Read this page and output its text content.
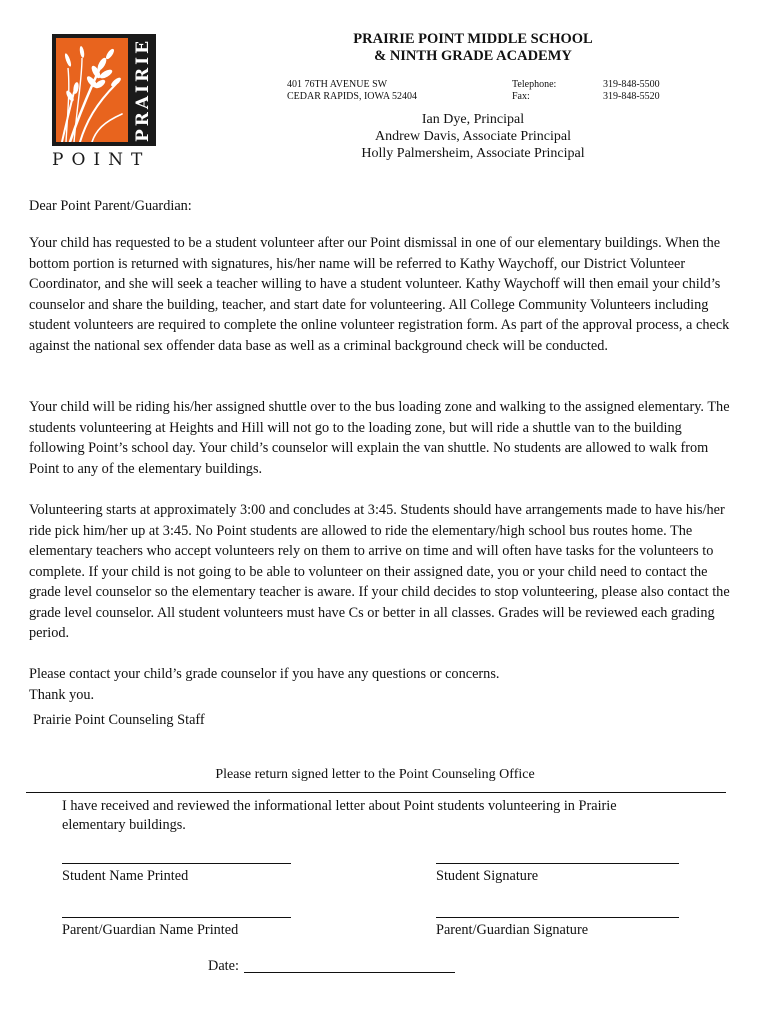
PRAIRIE
POINT
PRAIRIE POINT MIDDLE SCHOOL
& NINTH GRADE ACADEMY
401 76TH AVENUE SW
CEDAR RAPIDS, IOWA 52404
Telephone:
Fax:
319-848-5500
319-848-5520
Ian Dye, Principal
Andrew Davis, Associate Principal
Holly Palmersheim, Associate Principal
Dear Point Parent/Guardian:

Your child has requested to be a student volunteer after our Point dismissal in one of our elementary buildings. When the bottom portion is returned with signatures, his/her name will be referred to Kathy Waychoff, our District Volunteer Coordinator, and she will seek a teacher willing to have a student volunteer. Kathy Waychoff will then email your child’s counselor and share the building, teacher, and start date for volunteering. All College Community Volunteers including student volunteers are required to complete the online volunteer registration form. As part of the approval process, a check against the national sex offender data base as well as a criminal background check will be conducted.

Your child will be riding his/her assigned shuttle over to the bus loading zone and walking to the assigned elementary. The students volunteering at Heights and Hill will not go to the loading zone, but will ride a shuttle van to the building following Point’s school day. Your child’s counselor will explain the van shuttle. No students are allowed to walk from Point to any of the elementary buildings.

Volunteering starts at approximately 3:00 and concludes at 3:45. Students should have arrangements made to have his/her ride pick him/her up at 3:45. No Point students are allowed to ride the elementary/high school bus routes home. The elementary teachers who accept volunteers rely on them to arrive on time and will often have tasks for the volunteers to complete. If your child is not going to be able to volunteer on their assigned date, you or your child need to contact the grade level counselor so the elementary teacher is aware. If your child decides to stop volunteering, please also contact the grade level counselor. All student volunteers must have Cs or better in all classes. Grades will be reviewed each grading period.

Please contact your child’s grade counselor if you have any questions or concerns.
Thank you.
Prairie Point Counseling Staff
Please return signed letter to the Point Counseling Office
I have received and reviewed the informational letter about Point students volunteering in Prairie elementary buildings.
Student Name Printed	Student Signature
Parent/Guardian Name Printed	Parent/Guardian Signature
Date:
